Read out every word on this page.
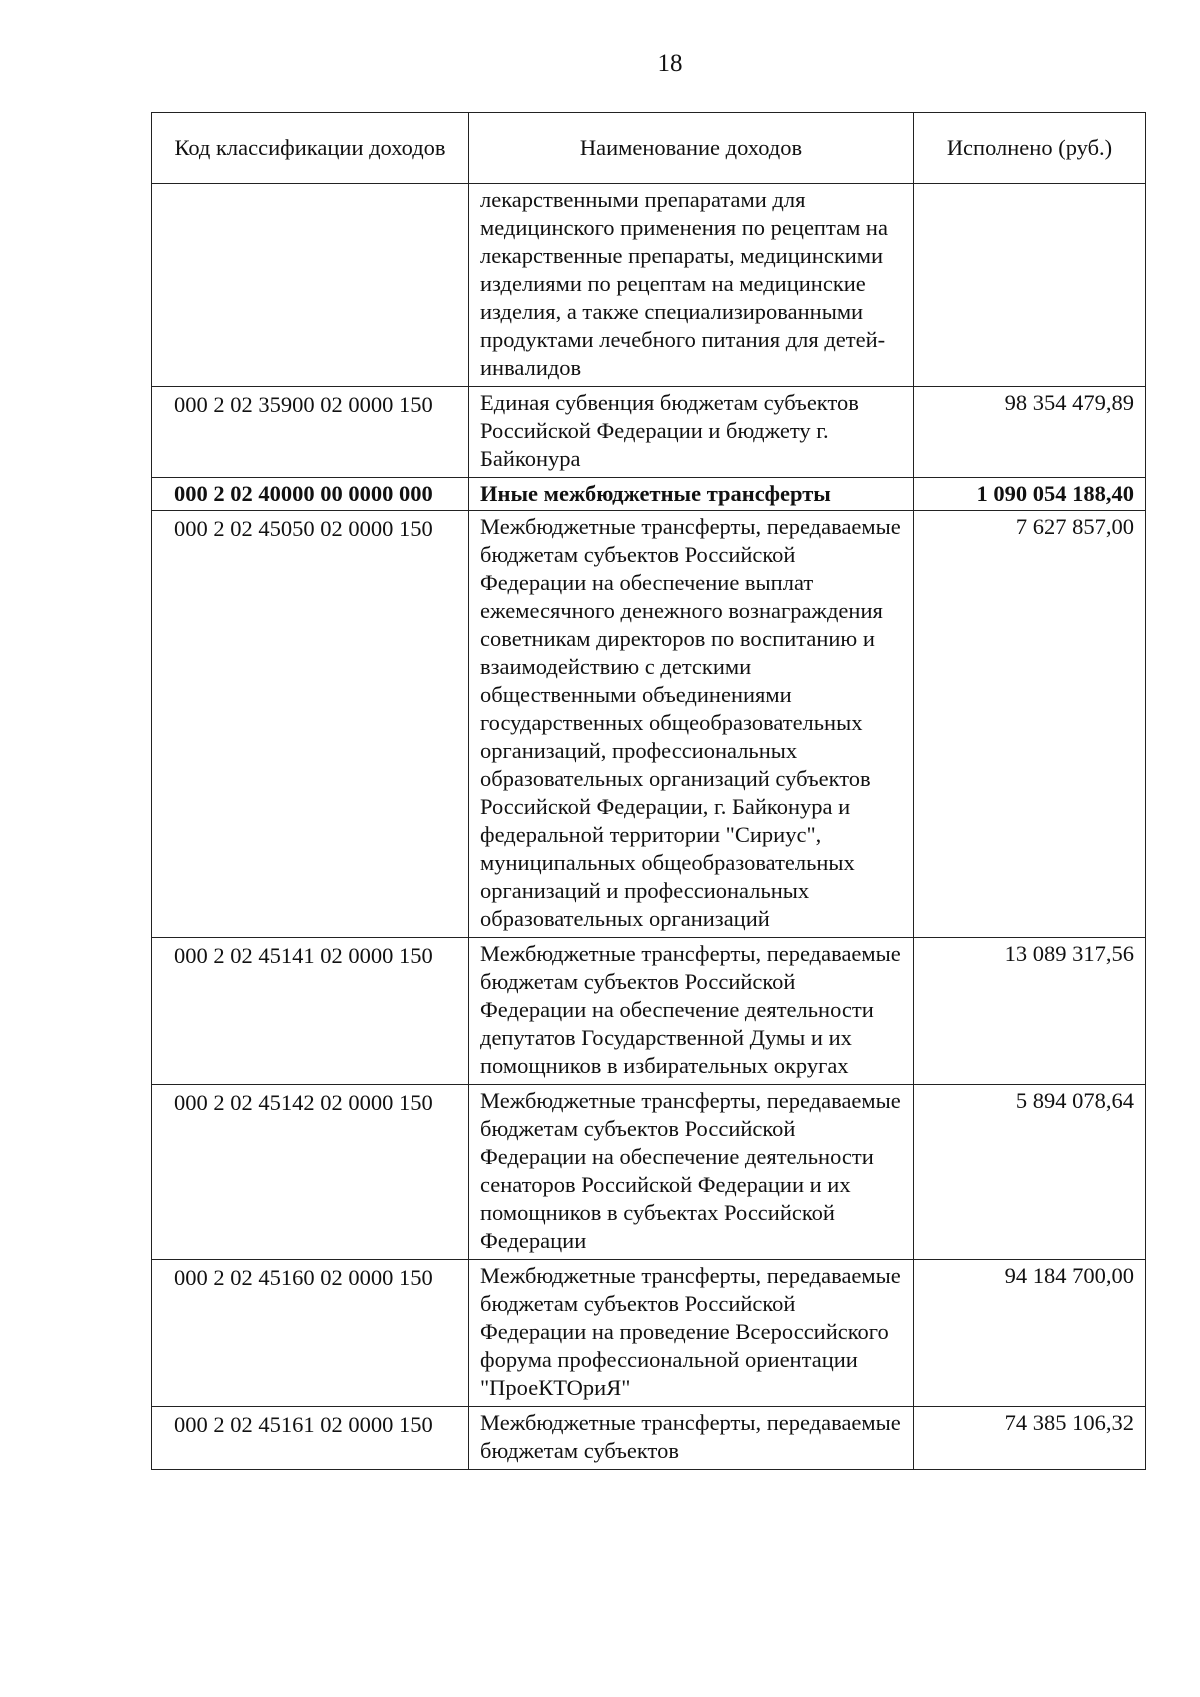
18
Код классификации доходов	Наименование доходов	Исполнено (руб.)
	лекарственными препаратами для медицинского применения по рецептам на лекарственные препараты, медицинскими изделиями по рецептам на медицинские изделия, а также специализированными продуктами лечебного питания для детей-инвалидов	
000 2 02 35900 02 0000 150	Единая субвенция бюджетам субъектов Российской Федерации и бюджету г. Байконура	98 354 479,89
000 2 02 40000 00 0000 000	Иные межбюджетные трансферты	1 090 054 188,40
000 2 02 45050 02 0000 150	Межбюджетные трансферты, передаваемые бюджетам субъектов Российской Федерации на обеспечение выплат ежемесячного денежного вознаграждения советникам директоров по воспитанию и взаимодействию с детскими общественными объединениями государственных общеобразовательных организаций, профессиональных образовательных организаций субъектов Российской Федерации, г. Байконура и федеральной территории "Сириус", муниципальных общеобразовательных организаций и профессиональных образовательных организаций	7 627 857,00
000 2 02 45141 02 0000 150	Межбюджетные трансферты, передаваемые бюджетам субъектов Российской Федерации на обеспечение деятельности депутатов Государственной Думы и их помощников в избирательных округах	13 089 317,56
000 2 02 45142 02 0000 150	Межбюджетные трансферты, передаваемые бюджетам субъектов Российской Федерации на обеспечение деятельности сенаторов Российской Федерации и их помощников в субъектах Российской Федерации	5 894 078,64
000 2 02 45160 02 0000 150	Межбюджетные трансферты, передаваемые бюджетам субъектов Российской Федерации на проведение Всероссийского форума профессиональной ориентации "ПроеКТОриЯ"	94 184 700,00
000 2 02 45161 02 0000 150	Межбюджетные трансферты, передаваемые бюджетам субъектов	74 385 106,32
